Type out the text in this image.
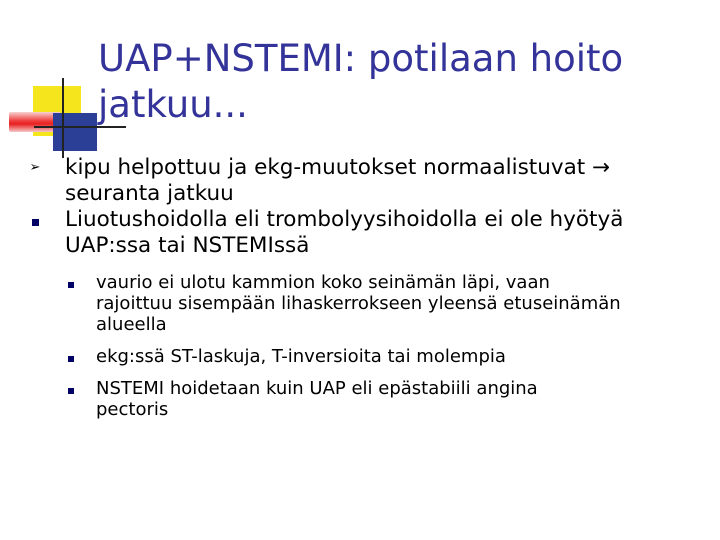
UAP+NSTEMI: potilaan hoito
jatkuu...
➢ kipu helpottuu ja ekg-muutokset normaalistuvat →
seuranta jatkuu
Liuotushoidolla eli trombolyysihoidolla ei ole hyötyä
UAP:ssa tai NSTEMIssä
vaurio ei ulotu kammion koko seinämän läpi, vaan
rajoittuu sisempään lihaskerrokseen yleensä etuseinämän
alueella
ekg:ssä ST-laskuja, T-inversioita tai molempia
NSTEMI hoidetaan kuin UAP eli epästabiili angina
pectoris
